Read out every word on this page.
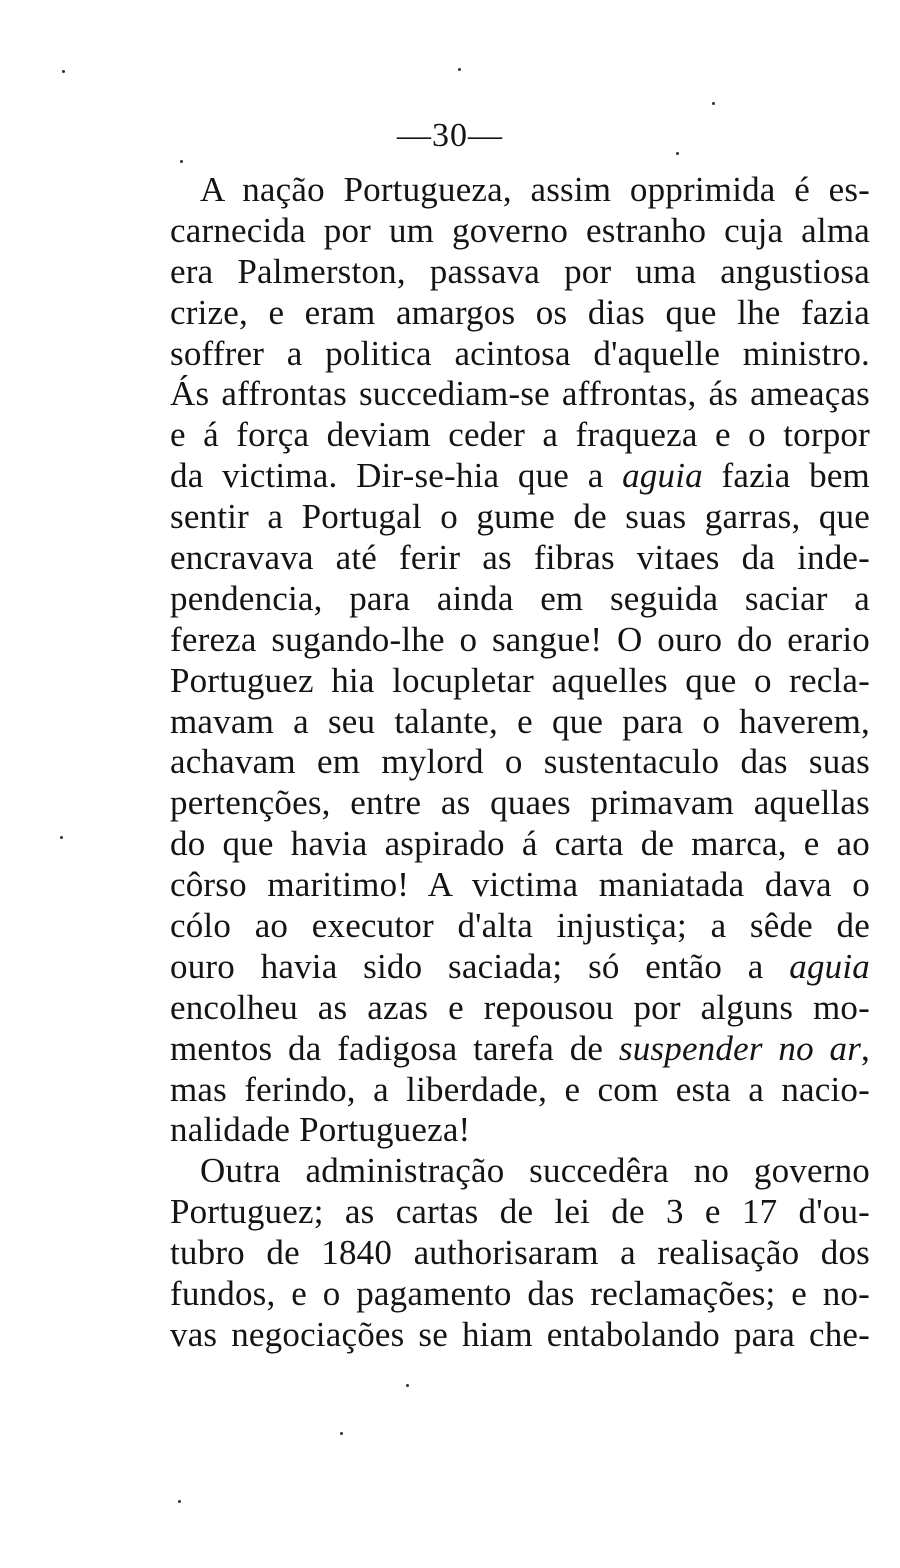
—30—
A nação Portugueza, assim opprimida é es-
carnecida por um governo estranho cuja alma
era Palmerston, passava por uma angustiosa
crize, e eram amargos os dias que lhe fazia
soffrer a politica acintosa d'aquelle ministro.
Ás affrontas succediam-se affrontas, ás ameaças
e á força deviam ceder a fraqueza e o torpor
da victima. Dir-se-hia que a aguia fazia bem
sentir a Portugal o gume de suas garras, que
encravava até ferir as fibras vitaes da inde-
pendencia, para ainda em seguida saciar a
fereza sugando-lhe o sangue! O ouro do erario
Portuguez hia locupletar aquelles que o recla-
mavam a seu talante, e que para o haverem,
achavam em mylord o sustentaculo das suas
pertenções, entre as quaes primavam aquellas
do que havia aspirado á carta de marca, e ao
côrso maritimo! A victima maniatada dava o
cólo ao executor d'alta injustiça; a sêde de
ouro havia sido saciada; só então a aguia
encolheu as azas e repousou por alguns mo-
mentos da fadigosa tarefa de suspender no ar,
mas ferindo, a liberdade, e com esta a nacio-
nalidade Portugueza!
Outra administração succedêra no governo
Portuguez; as cartas de lei de 3 e 17 d'ou-
tubro de 1840 authorisaram a realisação dos
fundos, e o pagamento das reclamações; e no-
vas negociações se hiam entabolando para che-
